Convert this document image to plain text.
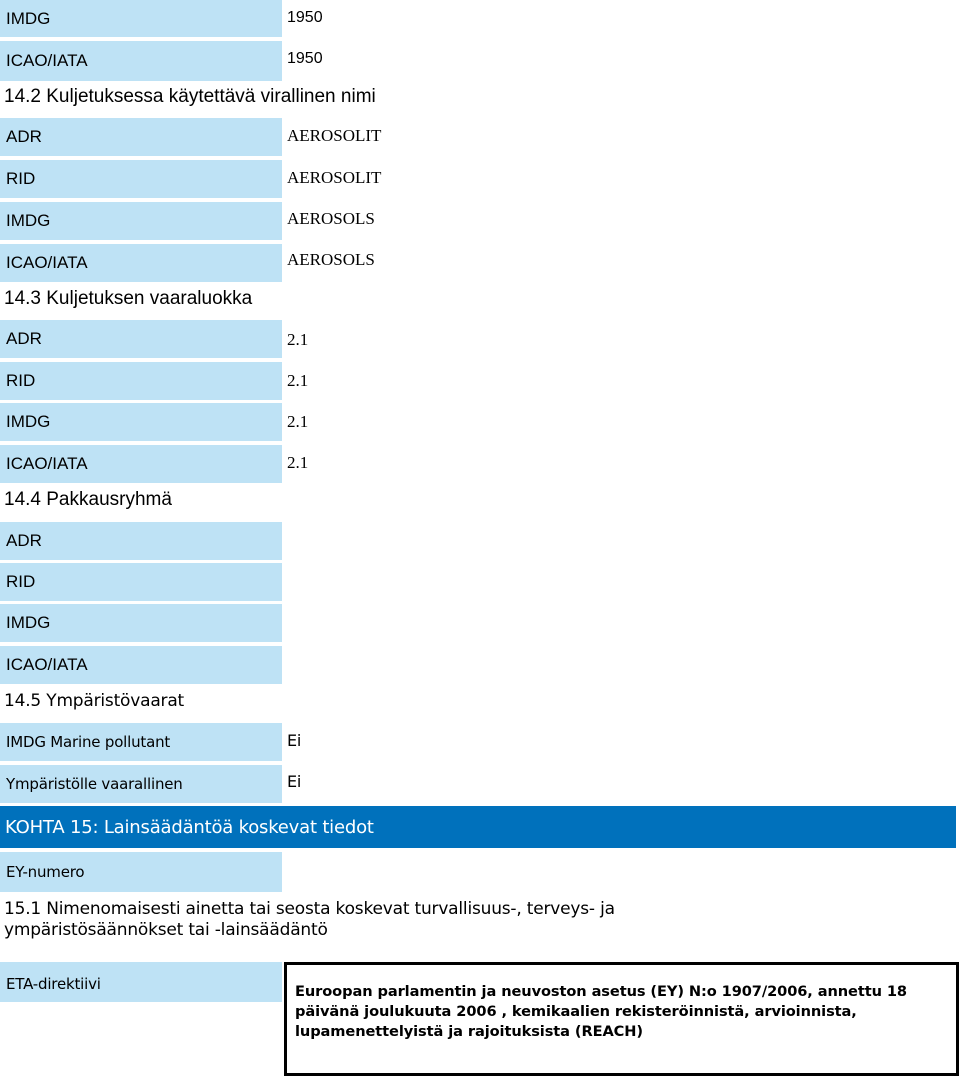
IMDG	1950
ICAO/IATA	1950
14.2 Kuljetuksessa käytettävä virallinen nimi
ADR	AEROSOLIT
RID	AEROSOLIT
IMDG	AEROSOLS
ICAO/IATA	AEROSOLS
14.3 Kuljetuksen vaaraluokka
ADR	2.1
RID	2.1
IMDG	2.1
ICAO/IATA	2.1
14.4 Pakkausryhmä
ADR
RID
IMDG
ICAO/IATA
14.5 Ympäristövaarat
IMDG Marine pollutant	Ei
Ympäristölle vaarallinen	Ei
KOHTA 15: Lainsäädäntöä koskevat tiedot
EY-numero
15.1 Nimenomaisesti ainetta tai seosta koskevat turvallisuus-, terveys- ja
ympäristösäännökset tai -lainsäädäntö
ETA-direktiivi	Euroopan parlamentin ja neuvoston asetus (EY) N:o 1907/2006, annettu 18
päivänä joulukuuta 2006 , kemikaalien rekisteröinnistä, arvioinnista,
lupamenettelyistä ja rajoituksista (REACH)
